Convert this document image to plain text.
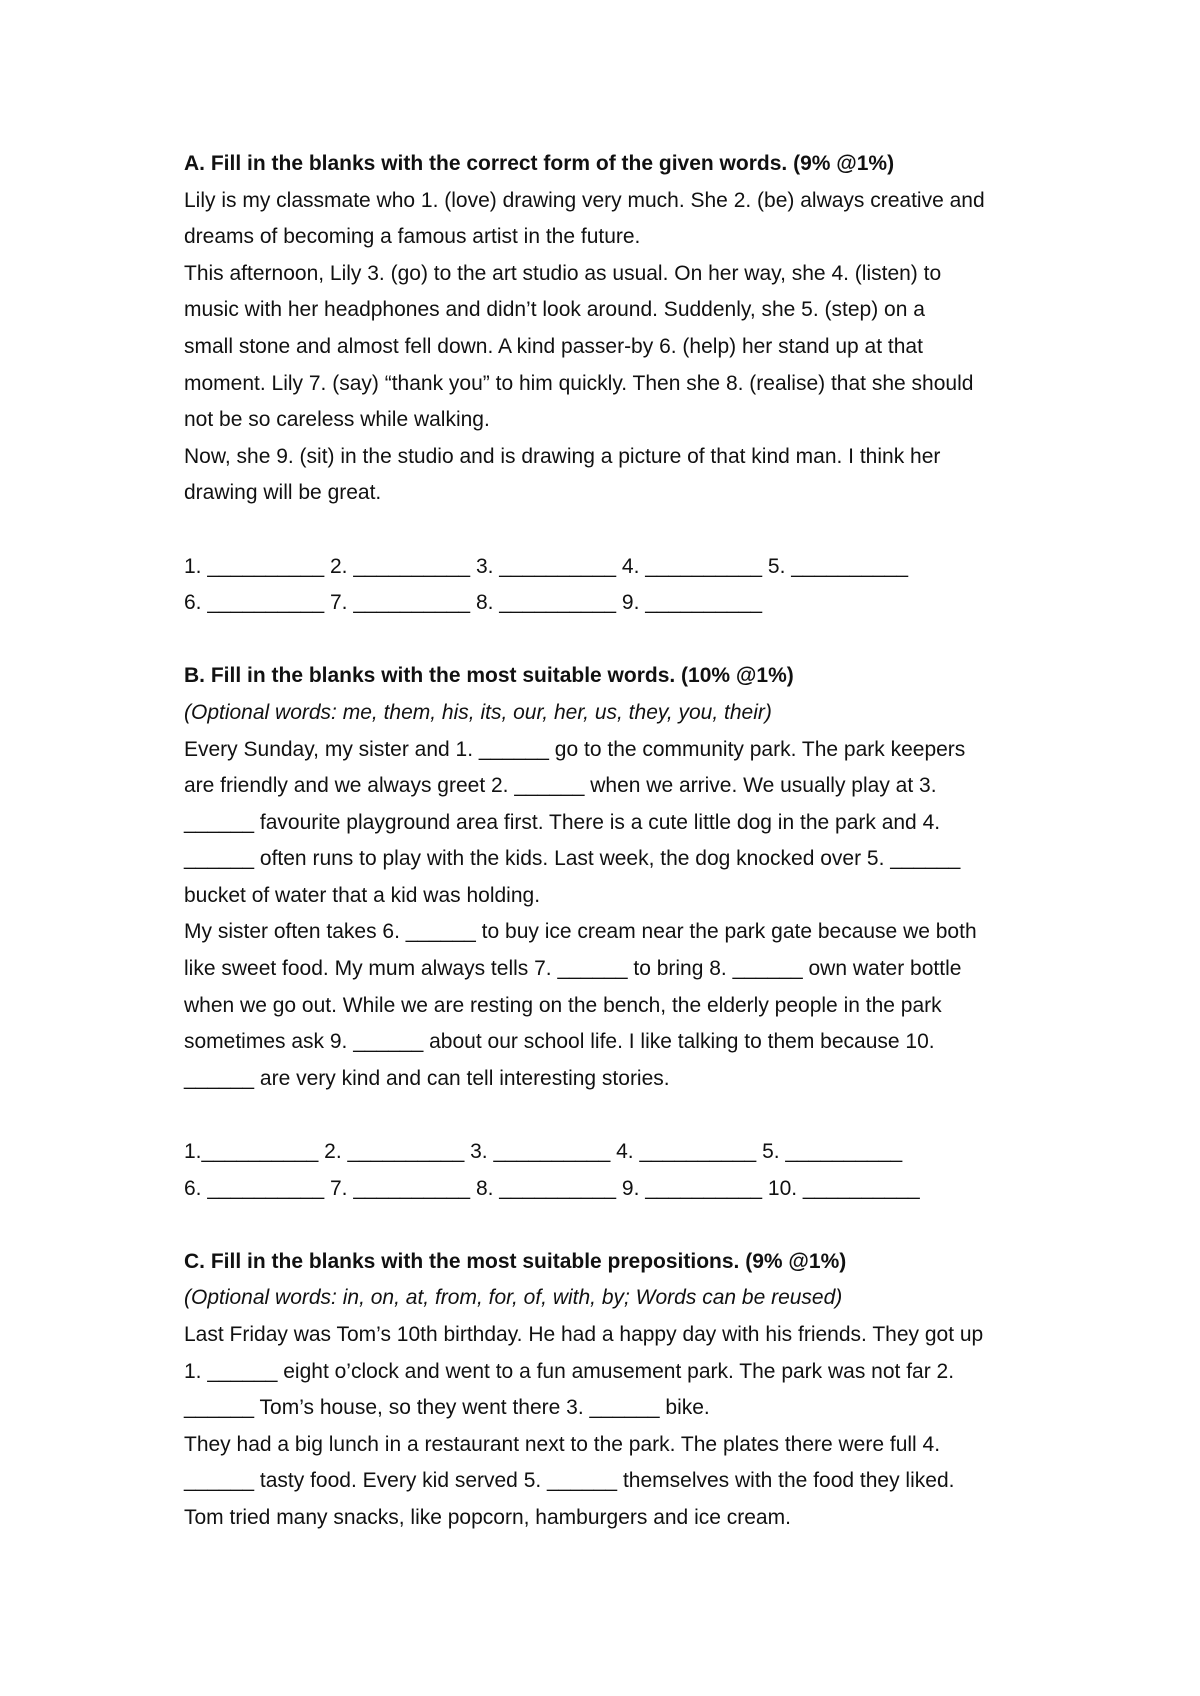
A. Fill in the blanks with the correct form of the given words. (9% @1%)
Lily is my classmate who 1. (love) drawing very much. She 2. (be) always creative and
dreams of becoming a famous artist in the future.
This afternoon, Lily 3. (go) to the art studio as usual. On her way, she 4. (listen) to
music with her headphones and didn’t look around. Suddenly, she 5. (step) on a
small stone and almost fell down. A kind passer-by 6. (help) her stand up at that
moment. Lily 7. (say) “thank you” to him quickly. Then she 8. (realise) that she should
not be so careless while walking.
Now, she 9. (sit) in the studio and is drawing a picture of that kind man. I think her
drawing will be great.
1. __________ 2. __________ 3. __________ 4. __________ 5. __________
6. __________ 7. __________ 8. __________ 9. __________
B. Fill in the blanks with the most suitable words. (10% @1%)
(Optional words: me, them, his, its, our, her, us, they, you, their)
Every Sunday, my sister and 1. ______ go to the community park. The park keepers
are friendly and we always greet 2. ______ when we arrive. We usually play at 3.
______ favourite playground area first. There is a cute little dog in the park and 4.
______ often runs to play with the kids. Last week, the dog knocked over 5. ______
bucket of water that a kid was holding.
My sister often takes 6. ______ to buy ice cream near the park gate because we both
like sweet food. My mum always tells 7. ______ to bring 8. ______ own water bottle
when we go out. While we are resting on the bench, the elderly people in the park
sometimes ask 9. ______ about our school life. I like talking to them because 10.
______ are very kind and can tell interesting stories.
1.__________ 2. __________ 3. __________ 4. __________ 5. __________
6. __________ 7. __________ 8. __________ 9. __________ 10. __________
C. Fill in the blanks with the most suitable prepositions. (9% @1%)
(Optional words: in, on, at, from, for, of, with, by; Words can be reused)
Last Friday was Tom’s 10th birthday. He had a happy day with his friends. They got up
1. ______ eight o’clock and went to a fun amusement park. The park was not far 2.
______ Tom’s house, so they went there 3. ______ bike.
They had a big lunch in a restaurant next to the park. The plates there were full 4.
______ tasty food. Every kid served 5. ______ themselves with the food they liked.
Tom tried many snacks, like popcorn, hamburgers and ice cream.
